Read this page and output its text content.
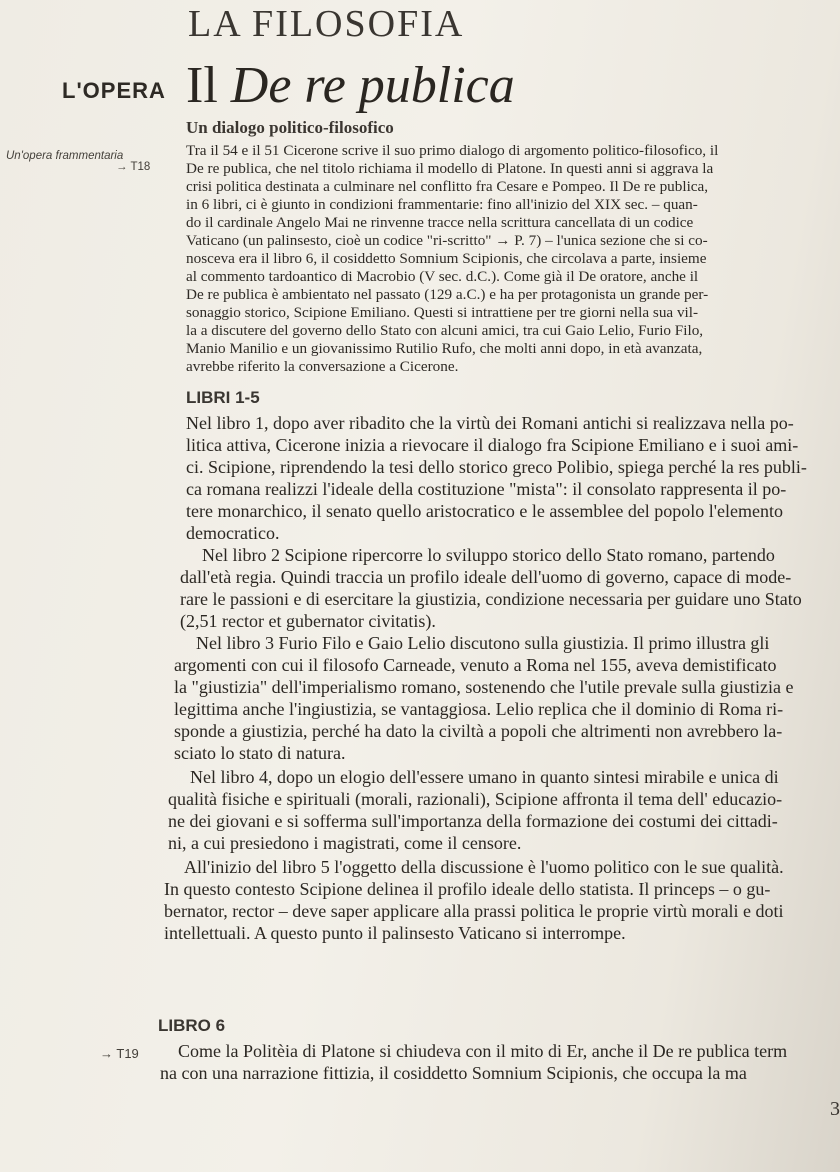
LA FILOSOFIA
L'OPERA Il De re publica
Un dialogo politico-filosofico
Un'opera frammentaria
→ T18
Tra il 54 e il 51 Cicerone scrive il suo primo dialogo di argomento politico-filosofico, il
De re publica, che nel titolo richiama il modello di Platone. In questi anni si aggrava la
crisi politica destinata a culminare nel conflitto fra Cesare e Pompeo. Il De re publica,
in 6 libri, ci è giunto in condizioni frammentarie: fino all'inizio del XIX sec. – quan-
do il cardinale Angelo Mai ne rinvenne tracce nella scrittura cancellata di un codice
Vaticano (un palinsesto, cioè un codice "ri-scritto" → P. 7) – l'unica sezione che si co-
nosceva era il libro 6, il cosiddetto Somnium Scipionis, che circolava a parte, insieme
al commento tardoantico di Macrobio (V sec. d.C.). Come già il De oratore, anche il
De re publica è ambientato nel passato (129 a.C.) e ha per protagonista un grande per-
sonaggio storico, Scipione Emiliano. Questi si intrattiene per tre giorni nella sua vil-
la a discutere del governo dello Stato con alcuni amici, tra cui Gaio Lelio, Furio Filo,
Manio Manilio e un giovanissimo Rutilio Rufo, che molti anni dopo, in età avanzata,
avrebbe riferito la conversazione a Cicerone.
LIBRI 1-5
Nel libro 1, dopo aver ribadito che la virtù dei Romani antichi si realizzava nella po-
litica attiva, Cicerone inizia a rievocare il dialogo fra Scipione Emiliano e i suoi ami-
ci. Scipione, riprendendo la tesi dello storico greco Polibio, spiega perché la res publi-
ca romana realizzi l'ideale della costituzione "mista": il consolato rappresenta il po-
tere monarchico, il senato quello aristocratico e le assemblee del popolo l'elemento
democratico.
Nel libro 2 Scipione ripercorre lo sviluppo storico dello Stato romano, partendo
dall'età regia. Quindi traccia un profilo ideale dell'uomo di governo, capace di mode-
rare le passioni e di esercitare la giustizia, condizione necessaria per guidare uno Stato
(2,51 rector et gubernator civitatis).
Nel libro 3 Furio Filo e Gaio Lelio discutono sulla giustizia. Il primo illustra gli
argomenti con cui il filosofo Carneade, venuto a Roma nel 155, aveva demistificato
la "giustizia" dell'imperialismo romano, sostenendo che l'utile prevale sulla giustizia e
legittima anche l'ingiustizia, se vantaggiosa. Lelio replica che il dominio di Roma ri-
sponde a giustizia, perché ha dato la civiltà a popoli che altrimenti non avrebbero la-
sciato lo stato di natura.
Nel libro 4, dopo un elogio dell'essere umano in quanto sintesi mirabile e unica di
qualità fisiche e spirituali (morali, razionali), Scipione affronta il tema dell' educazio-
ne dei giovani e si sofferma sull'importanza della formazione dei costumi dei cittadi-
ni, a cui presiedono i magistrati, come il censore.
All'inizio del libro 5 l'oggetto della discussione è l'uomo politico con le sue qualità.
In questo contesto Scipione delinea il profilo ideale dello statista. Il princeps – o gu-
bernator, rector – deve saper applicare alla prassi politica le proprie virtù morali e doti
intellettuali. A questo punto il palinsesto Vaticano si interrompe.
LIBRO 6
→ T19 Come la Politèia di Platone si chiudeva con il mito di Er, anche il De re publica term
na con una narrazione fittizia, il cosiddetto Somnium Scipionis, che occupa la ma
3
